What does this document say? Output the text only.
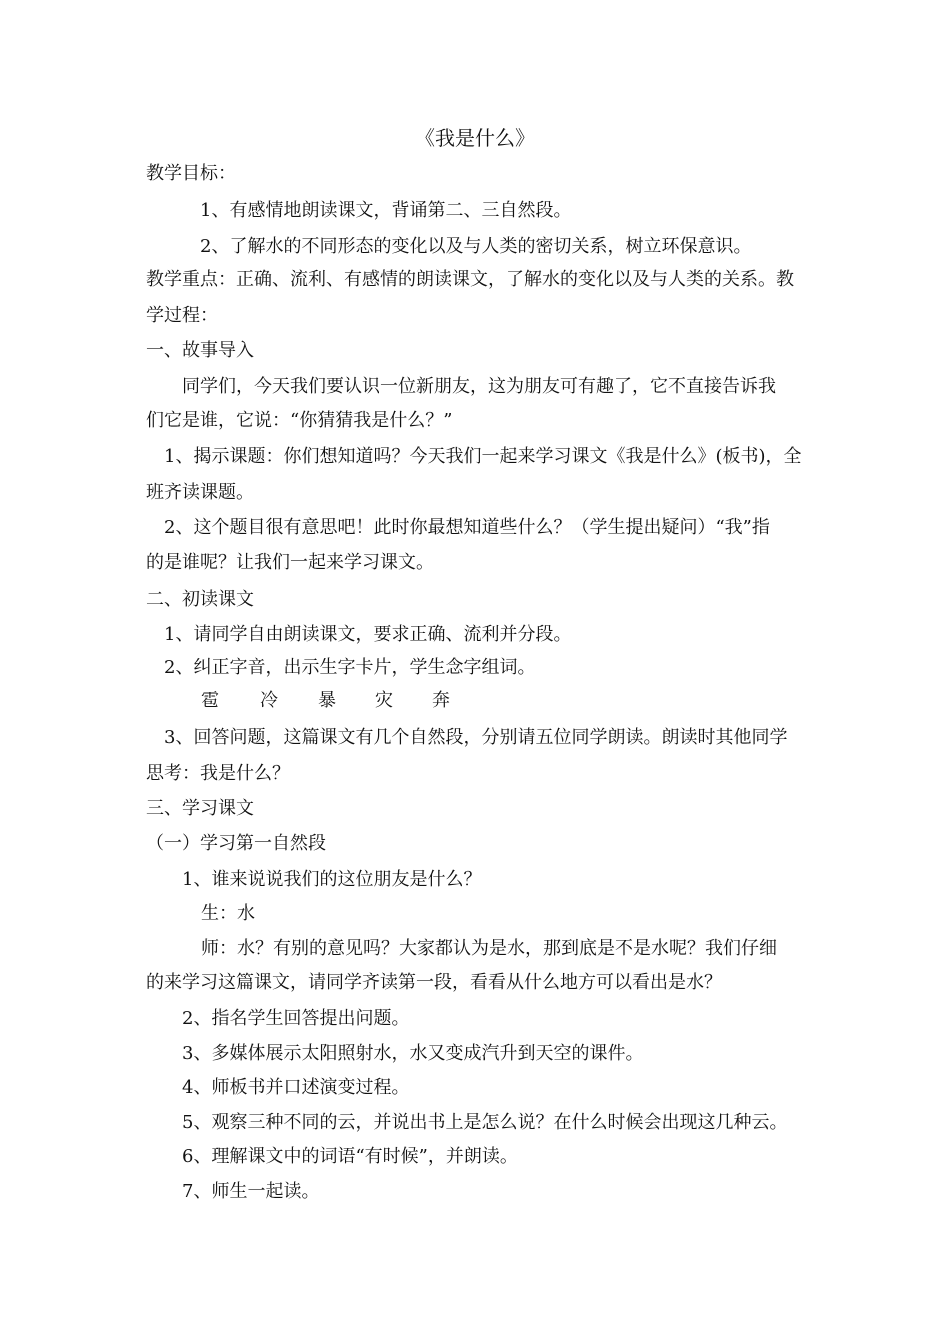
《我是什么》
教学目标：
1、有感情地朗读课文，背诵第二、三自然段。
2、了解水的不同形态的变化以及与人类的密切关系，树立环保意识。
教学重点：正确、流利、有感情的朗读课文，了解水的变化以及与人类的关系。教
学过程：
一、故事导入
同学们，今天我们要认识一位新朋友，这为朋友可有趣了，它不直接告诉我
们它是谁，它说：“你猜猜我是什么？”
1、揭示课题：你们想知道吗？今天我们一起来学习课文《我是什么》(板书)，全
班齐读课题。
2、这个题目很有意思吧！此时你最想知道些什么？（学生提出疑问）“我”指
的是谁呢？让我们一起来学习课文。
二、初读课文
1、请同学自由朗读课文，要求正确、流利并分段。
2、纠正字音，出示生字卡片，学生念字组词。
雹 冷 暴 灾 奔
3、回答问题，这篇课文有几个自然段，分别请五位同学朗读。朗读时其他同学
思考：我是什么？
三、学习课文
（一）学习第一自然段
1、谁来说说我们的这位朋友是什么？
生：水
师：水？有别的意见吗？大家都认为是水，那到底是不是水呢？我们仔细
的来学习这篇课文，请同学齐读第一段，看看从什么地方可以看出是水？
2、指名学生回答提出问题。
3、多媒体展示太阳照射水，水又变成汽升到天空的课件。
4、师板书并口述演变过程。
5、观察三种不同的云，并说出书上是怎么说？在什么时候会出现这几种云。
6、理解课文中的词语“有时候”，并朗读。
7、师生一起读。
